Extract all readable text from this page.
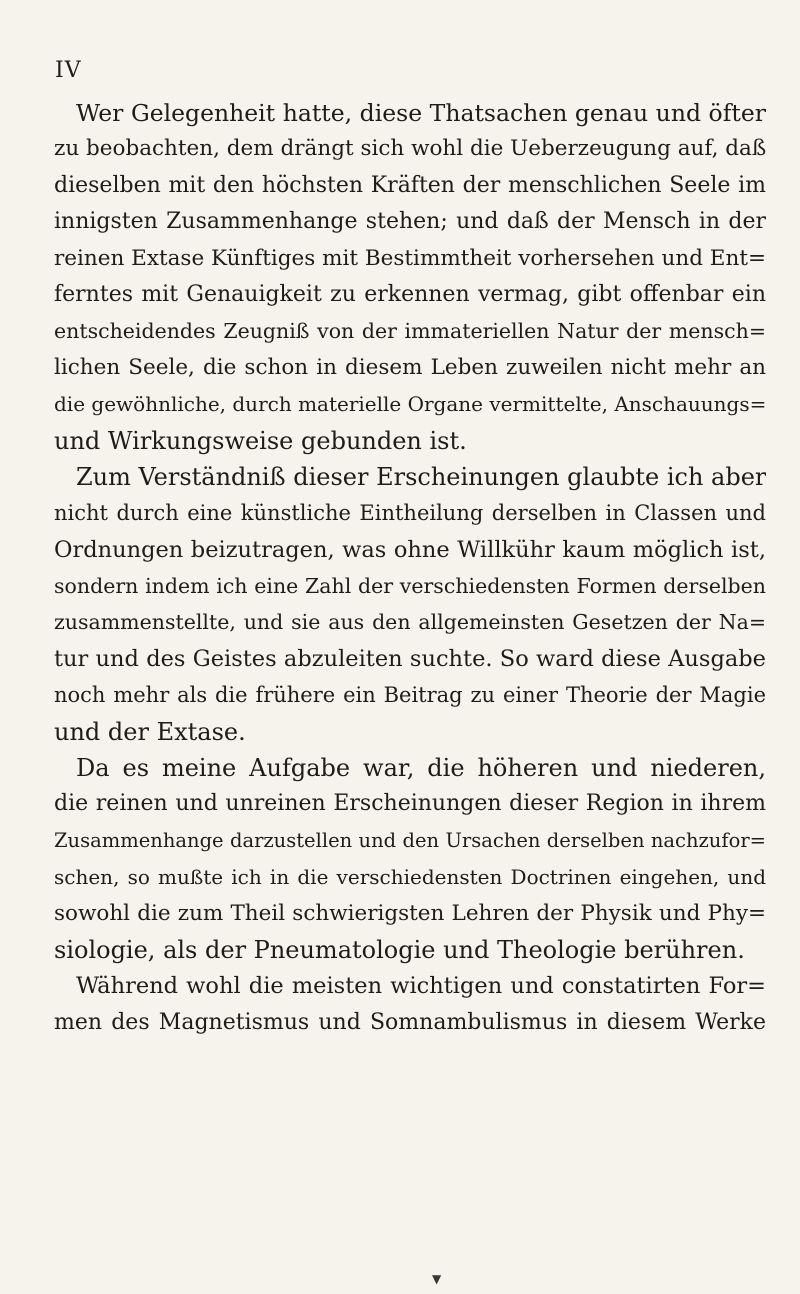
IV
Wer Gelegenheit hatte, diese Thatsachen genau und öfter
zu beobachten, dem drängt sich wohl die Ueberzeugung auf, daß
dieselben mit den höchsten Kräften der menschlichen Seele im
innigsten Zusammenhange stehen; und daß der Mensch in der
reinen Extase Künftiges mit Bestimmtheit vorhersehen und Ent=
ferntes mit Genauigkeit zu erkennen vermag, gibt offenbar ein
entscheidendes Zeugniß von der immateriellen Natur der mensch=
lichen Seele, die schon in diesem Leben zuweilen nicht mehr an
die gewöhnliche, durch materielle Organe vermittelte, Anschauungs=
und Wirkungsweise gebunden ist.
Zum Verständniß dieser Erscheinungen glaubte ich aber
nicht durch eine künstliche Eintheilung derselben in Classen und
Ordnungen beizutragen, was ohne Willkühr kaum möglich ist,
sondern indem ich eine Zahl der verschiedensten Formen derselben
zusammenstellte, und sie aus den allgemeinsten Gesetzen der Na=
tur und des Geistes abzuleiten suchte. So ward diese Ausgabe
noch mehr als die frühere ein Beitrag zu einer Theorie der Magie
und der Extase.
Da es meine Aufgabe war, die höheren und niederen,
die reinen und unreinen Erscheinungen dieser Region in ihrem
Zusammenhange darzustellen und den Ursachen derselben nachzufor=
schen, so mußte ich in die verschiedensten Doctrinen eingehen, und
sowohl die zum Theil schwierigsten Lehren der Physik und Phy=
siologie, als der Pneumatologie und Theologie berühren.
Während wohl die meisten wichtigen und constatirten For=
men des Magnetismus und Somnambulismus in diesem Werke
▼
